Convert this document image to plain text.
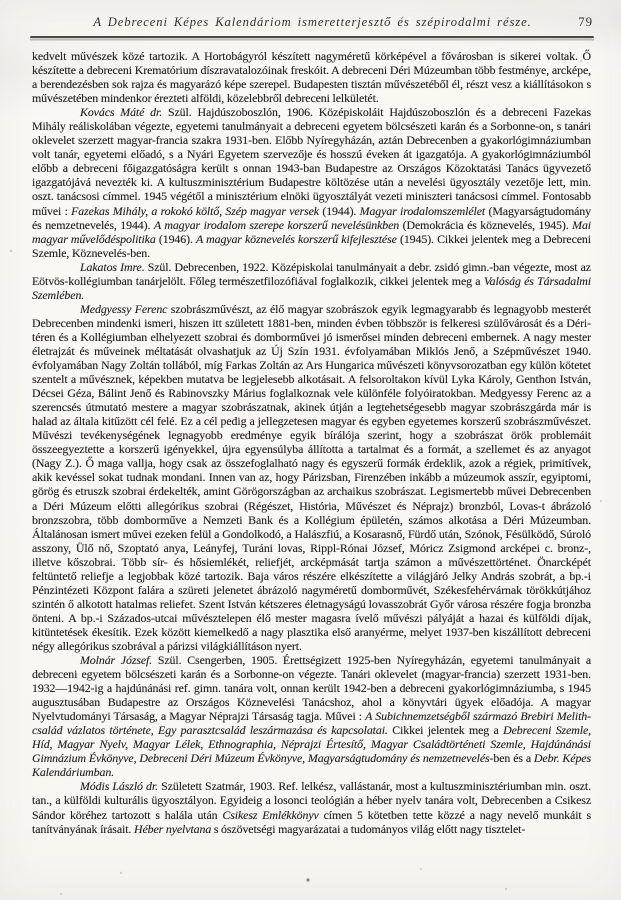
A Debreceni Képes Kalendáriom ismeretterjesztő és szépirodalmi része.	79

kedvelt művészek közé tartozik. A Hortobágyról készített nagyméretű körképével a fővárosban is sikerei voltak. Ő készítette a debreceni Krematórium díszravatalozóinak freskóit. A debreceni Déri Múzeumban több festménye, arcképe, a berendezésben sok rajza és magyarázó képe szerepel. Budapesten tisztán művészetéből él, részt vesz a kiállításokon s művészetében mindenkor érezteti alföldi, közelebbről debreceni lelkületét.

Kovács Máté dr. Szül. Hajdúszoboszlón, 1906. Középiskoláit Hajdúszoboszlón és a debreceni Fazekas Mihály reáliskolában végezte, egyetemi tanulmányait a debreceni egyetem bölcsészeti karán és a Sorbonne-on, s tanári oklevelet szerzett magyar-francia szakra 1931-ben. Előbb Nyíregyházán, aztán Debrecenben a gyakorlógimnáziumban volt tanár, egyetemi előadó, s a Nyári Egyetem szervezője és hosszú éveken át igazgatója. A gyakorlógimnáziumból előbb a debreceni főigazgatóságra került s onnan 1943-ban Budapestre az Országos Közoktatási Tanács ügyvezető igazgatójává nevezték ki. A kultuszminisztérium Budapestre költözése után a nevelési ügyosztály vezetője lett, min. oszt. tanácsosi címmel. 1945 végétől a minisztérium elnöki ügyosztályát vezeti miniszteri tanácsosi címmel. Fontosabb művei : Fazekas Mihály, a rokokó költő, Szép magyar versek (1944). Magyar irodalomszemlélet (Magyarságtudomány és nemzetnevelés, 1944). A magyar irodalom szerepe korszerű nevelésünkben (Demokrácia és köznevelés, 1945). Mai magyar művelődéspolitika (1946). A magyar köznevelés korszerű kifejlesztése (1945). Cikkei jelentek meg a Debreceni Szemle, Köznevelés-ben.

Lakatos Imre. Szül. Debrecenben, 1922. Középiskolai tanulmányait a debr. zsidó gimn.-ban végezte, most az Eötvös-kollégiumban tanárjelölt. Főleg természetfilozófiával foglalkozik, cikkei jelentek meg a Valóság és Társadalmi Szemlében.

Medgyessy Ferenc szobrászművészt, az élő magyar szobrászok egyik legmagyarabb és legnagyobb mesterét Debrecenben mindenki ismeri, hiszen itt született 1881-ben, minden évben többször is felkeresi szülővárosát és a Déri-téren és a Kollégiumban elhelyezett szobrai és domborművei jó ismerősei minden debreceni embernek. A nagy mester életrajzát és műveinek méltatását olvashatjuk az Új Szín 1931. évfolyamában Miklós Jenő, a Szépművészet 1940. évfolyamában Nagy Zoltán tollából, míg Farkas Zoltán az Ars Hungarica művészeti könyvsorozatban egy külön kötetet szentelt a művésznek, képekben mutatva be legjelesebb alkotásait. A felsoroltakon kívül Lyka Károly, Genthon István, Décsei Géza, Bálint Jenő és Rabinovszky Márius foglalkoznak vele különféle folyóiratokban. Medgyessy Ferenc az a szerencsés útmutató mestere a magyar szobrászatnak, akinek útján a legtehetségesebb magyar szobrászgárda már is halad az általa kitűzött cél felé. Ez a cél pedig a jellegzetesen magyar és egyben egyetemes korszerű szobrászművészet. Művészi tevékenységének legnagyobb eredménye egyik bírálója szerint, hogy a szobrászat örök problemáit összeegyeztette a korszerű igényekkel, újra egyensúlyba állította a tartalmat és a formát, a szellemet és az anyagot (Nagy Z.). Ő maga vallja, hogy csak az összefoglalható nagy és egyszerű formák érdeklik, azok a régiek, primitívek, akik kevéssel sokat tudnak mondani. Innen van az, hogy Párizsban, Firenzében inkább a múzeumok asszír, egyiptomi, görög és etruszk szobrai érdekelték, amint Görögországban az archaikus szobrászat. Legismertebb művei Debrecenben a Déri Múzeum előtti allegórikus szobrai (Régészet, História, Művészet és Néprajz) bronzból, Lovas-t ábrázoló bronzszobra, több domborműve a Nemzeti Bank és a Kollégium épületén, számos alkotása a Déri Múzeumban. Általánosan ismert művei ezeken felül a Gondolkodó, a Halászfiú, a Kosarasnő, Fürdő után, Szónok, Fésülködő, Súroló asszony, Ülő nő, Szoptató anya, Leányfej, Turáni lovas, Rippl-Rónai József, Móricz Zsigmond arcképei c. bronz-, illetve kőszobrai. Több sír- és hősiemlékét, reliefjét, arcképmását tartja számon a művészettörténet. Önarcképét feltüntető reliefje a legjobbak közé tartozik. Baja város részére elkészítette a világjáró Jelky András szobrát, a bp.-i Pénzintézeti Központ falára a szüreti jelenetet ábrázoló nagyméretű domborművét, Székesfehérvárnak törökkútjához szintén ő alkotott hatalmas reliefet. Szent István kétszeres életnagyságú lovasszobrát Győr városa részére fogja bronzba önteni. A bp.-i Százados-utcai művésztelepen élő mester magasra ívelő művészi pályáját a hazai és külföldi díjak, kitüntetések ékesítik. Ezek között kiemelkedő a nagy plasztika első aranyérme, melyet 1937-ben kiszállított debreceni négy allegórikus szobrával a párizsi világkiállításon nyert.

Molnár József. Szül. Csengerben, 1905. Érettségizett 1925-ben Nyíregyházán, egyetemi tanulmányait a debreceni egyetem bölcsészeti karán és a Sorbonne-on végezte. Tanári oklevelet (magyar-francia) szerzett 1931-ben. 1932—1942-ig a hajdúnánási ref. gimn. tanára volt, onnan került 1942-ben a debreceni gyakorlógimnáziumba, s 1945 augusztusában Budapestre az Országos Köznevelési Tanácshoz, ahol a könyvtári ügyek előadója. A magyar Nyelvtudományi Társaság, a Magyar Néprajzi Társaság tagja. Művei : A Subichnemzetségből származó Brebiri Melith-család vázlatos története, Egy parasztcsalád leszármazása és kapcsolatai. Cikkei jelentek meg a Debreceni Szemle, Híd, Magyar Nyelv, Magyar Lélek, Ethnographia, Néprajzi Értesítő, Magyar Családtörténeti Szemle, Hajdúnánási Gimnázium Évkönyve, Debreceni Déri Múzeum Évkönyve, Magyarságtudomány és nemzetnevelés-ben és a Debr. Képes Kalendáriumban.

Módis László dr. Született Szatmár, 1903. Ref. lelkész, vallástanár, most a kultuszminisztériumban min. oszt. tan., a külföldi kulturális ügyosztályon. Egyideig a losonci teológián a héber nyelv tanára volt, Debrecenben a Csikesz Sándor köréhez tartozott s halála után Csikesz Emlékkönyv címen 5 kötetben tette közzé a nagy nevelő munkáit s tanítványának írásait. Héber nyelvtana s ószövetségi magyarázatai a tudományos világ előtt nagy tisztelet-
